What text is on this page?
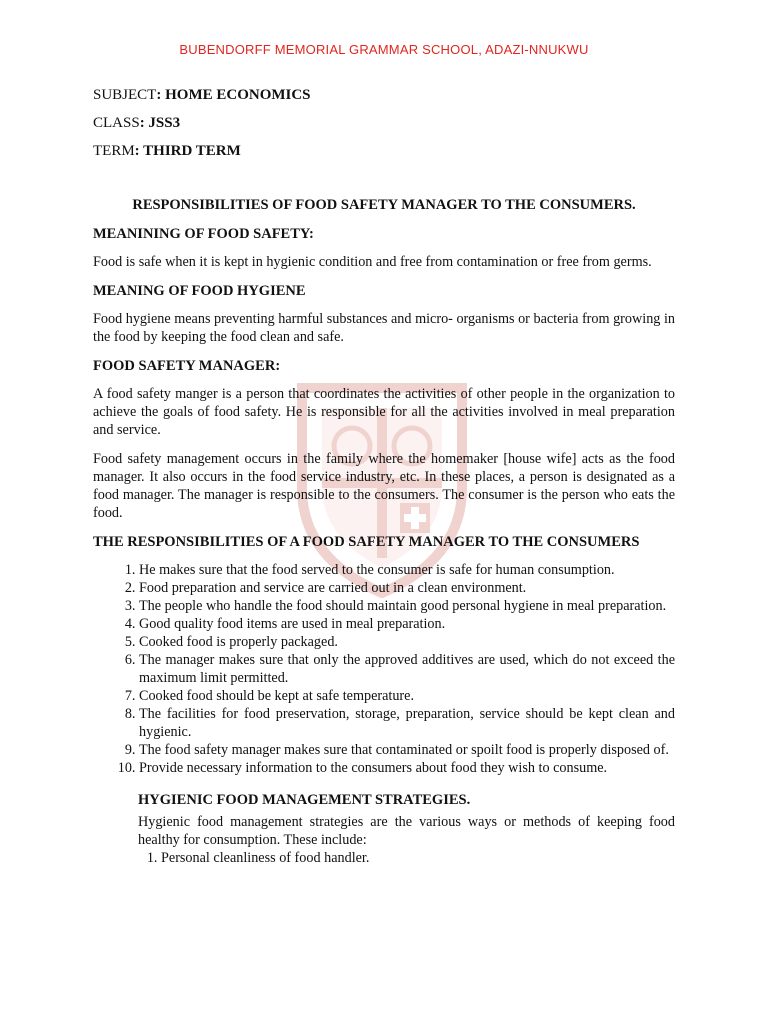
BUBENDORFF MEMORIAL GRAMMAR SCHOOL, ADAZI-NNUKWU
SUBJECT: HOME ECONOMICS
CLASS: JSS3
TERM: THIRD TERM
RESPONSIBILITIES OF FOOD SAFETY MANAGER TO THE CONSUMERS.
MEANINING OF FOOD SAFETY:

Food is safe when it is kept in hygienic condition and free from contamination or free from germs.

MEANING OF FOOD HYGIENE

Food hygiene means preventing harmful substances and micro- organisms or bacteria from growing in the food by keeping the food clean and safe.

FOOD SAFETY MANAGER:

A food safety manger is a person that coordinates the activities of other people in the organization to achieve the goals of food safety. He is responsible for all the activities involved in meal preparation and service.

Food safety management occurs in the family where the homemaker [house wife] acts as the food manager. It also occurs in the food service industry, etc. In these places, a person is designated as a food manager. The manager is responsible to the consumers. The consumer is the person who eats the food.

THE RESPONSIBILITIES OF A FOOD SAFETY MANAGER TO THE CONSUMERS
1. He makes sure that the food served to the consumer is safe for human consumption.
2. Food preparation and service are carried out in a clean environment.
3. The people who handle the food should maintain good personal hygiene in meal preparation.
4. Good quality food items are used in meal preparation.
5. Cooked food is properly packaged.
6. The manager makes sure that only the approved additives are used, which do not exceed the maximum limit permitted.
7. Cooked food should be kept at safe temperature.
8. The facilities for food preservation, storage, preparation, service should be kept clean and hygienic.
9. The food safety manager makes sure that contaminated or spoilt food is properly disposed of.
10. Provide necessary information to the consumers about food they wish to consume.
HYGIENIC FOOD MANAGEMENT STRATEGIES.

Hygienic food management strategies are the various ways or methods of keeping food healthy for consumption. These include:

1. Personal cleanliness of food handler.
